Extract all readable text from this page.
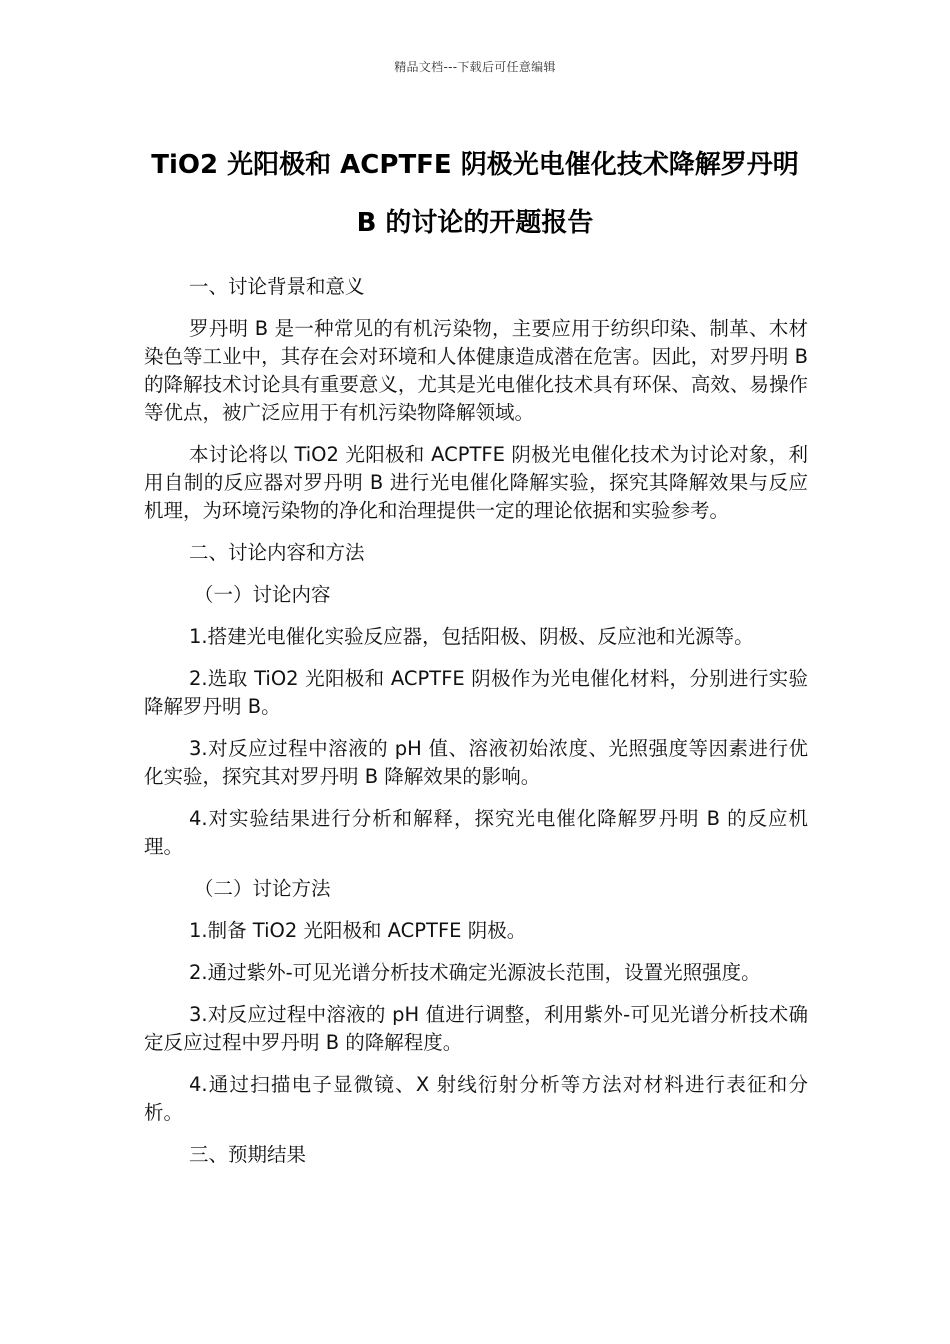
精品文档---下载后可任意编辑
TiO2 光阳极和 ACPTFE 阴极光电催化技术降解罗丹明 B 的讨论的开题报告

一、讨论背景和意义

罗丹明 B 是一种常见的有机污染物，主要应用于纺织印染、制革、木材染色等工业中，其存在会对环境和人体健康造成潜在危害。因此，对罗丹明 B 的降解技术讨论具有重要意义，尤其是光电催化技术具有环保、高效、易操作等优点，被广泛应用于有机污染物降解领域。

本讨论将以 TiO2 光阳极和 ACPTFE 阴极光电催化技术为讨论对象，利用自制的反应器对罗丹明 B 进行光电催化降解实验，探究其降解效果与反应机理，为环境污染物的净化和治理提供一定的理论依据和实验参考。

二、讨论内容和方法

（一）讨论内容

1.搭建光电催化实验反应器，包括阳极、阴极、反应池和光源等。

2.选取 TiO2 光阳极和 ACPTFE 阴极作为光电催化材料，分别进行实验降解罗丹明 B。

3.对反应过程中溶液的 pH 值、溶液初始浓度、光照强度等因素进行优化实验，探究其对罗丹明 B 降解效果的影响。

4.对实验结果进行分析和解释，探究光电催化降解罗丹明 B 的反应机理。

（二）讨论方法

1.制备 TiO2 光阳极和 ACPTFE 阴极。

2.通过紫外-可见光谱分析技术确定光源波长范围，设置光照强度。

3.对反应过程中溶液的 pH 值进行调整，利用紫外-可见光谱分析技术确定反应过程中罗丹明 B 的降解程度。

4.通过扫描电子显微镜、X 射线衍射分析等方法对材料进行表征和分析。

三、预期结果
